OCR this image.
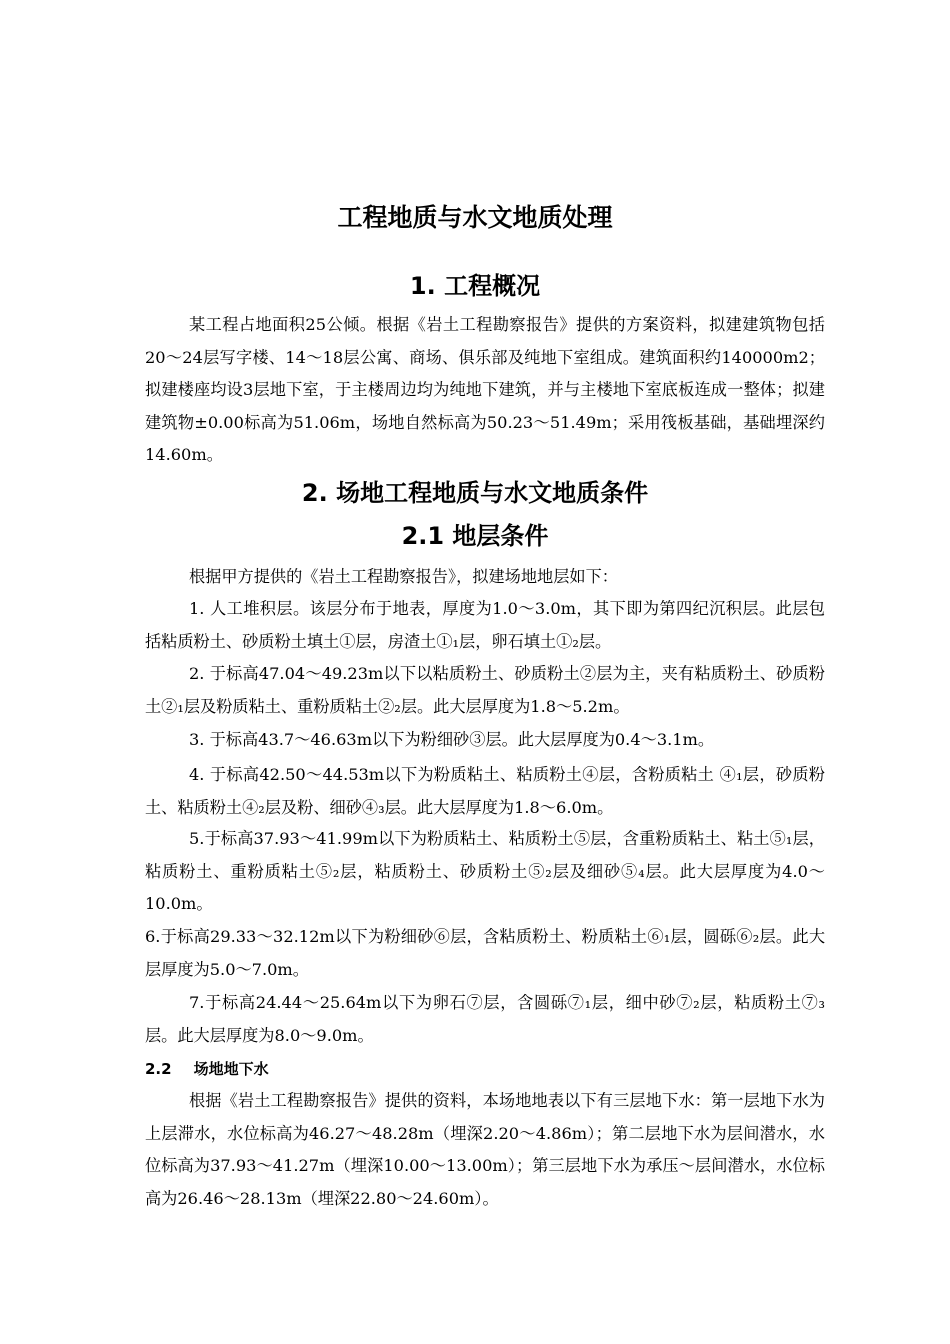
工程地质与水文地质处理
1. 工程概况

某工程占地面积25公倾。根据《岩土工程勘察报告》提供的方案资料，拟建建筑物包括20～24层写字楼、14～18层公寓、商场、俱乐部及纯地下室组成。建筑面积约140000m2；拟建楼座均设3层地下室，于主楼周边均为纯地下建筑，并与主楼地下室底板连成一整体；拟建建筑物±0.00标高为51.06m，场地自然标高为50.23～51.49m；采用筏板基础，基础埋深约14.60m。

2. 场地工程地质与水文地质条件
2.1 地层条件

根据甲方提供的《岩土工程勘察报告》，拟建场地地层如下：

1. 人工堆积层。该层分布于地表，厚度为1.0～3.0m，其下即为第四纪沉积层。此层包括粘质粉土、砂质粉土填土①层，房渣土①₁层，卵石填土①₂层。

2. 于标高47.04～49.23m以下以粘质粉土、砂质粉土②层为主，夹有粘质粉土、砂质粉土②₁层及粉质粘土、重粉质粘土②₂层。此大层厚度为1.8～5.2m。

3. 于标高43.7～46.63m以下为粉细砂③层。此大层厚度为0.4～3.1m。

4. 于标高42.50～44.53m以下为粉质粘土、粘质粉土④层，含粉质粘土 ④₁层，砂质粉土、粘质粉土④₂层及粉、细砂④₃层。此大层厚度为1.8～6.0m。

5.于标高37.93～41.99m以下为粉质粘土、粘质粉土⑤层，含重粉质粘土、粘土⑤₁层，粘质粉土、重粉质粘土⑤₂层，粘质粉土、砂质粉土⑤₂层及细砂⑤₄层。此大层厚度为4.0～10.0m。

6.于标高29.33～32.12m以下为粉细砂⑥层，含粘质粉土、粉质粘土⑥₁层，圆砾⑥₂层。此大层厚度为5.0～7.0m。

7.于标高24.44～25.64m以下为卵石⑦层，含圆砾⑦₁层，细中砂⑦₂层，粘质粉土⑦₃层。此大层厚度为8.0～9.0m。

2.2 场地地下水

根据《岩土工程勘察报告》提供的资料，本场地地表以下有三层地下水：第一层地下水为上层滞水，水位标高为46.27～48.28m（埋深2.20～4.86m）；第二层地下水为层间潜水，水位标高为37.93～41.27m（埋深10.00～13.00m）；第三层地下水为承压～层间潜水，水位标高为26.46～28.13m（埋深22.80～24.60m）。
